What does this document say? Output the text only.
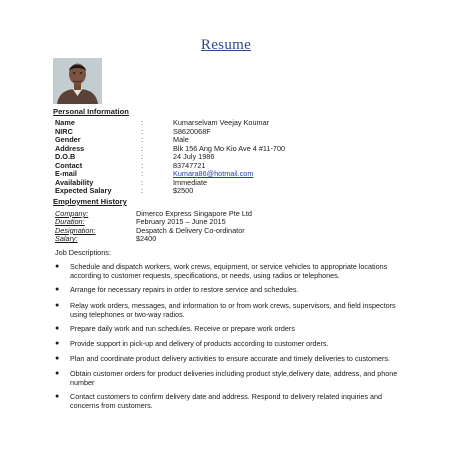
Resume
Personal Information
Name	:	Kumarselvam Veejay Koumar
NIRC	:	S8620068F
Gender	:	Male
Address	:	Blk 156 Ang Mo Kio Ave 4 #11-700
D.O.B	:	24 July 1986
Contact	:	83747721
E-mail	:	Kumara86@hotmail.com
Availability	:	Immediate
Expected Salary	:	$2500
Employment History
Company:	Dimerco Express Singapore Pte Ltd
Duration:	February 2015 – June 2015
Designation:	Despatch & Delivery Co-ordinator
Salary:	$2400
Job Descriptions:
●	Schedule and dispatch workers, work crews, equipment, or service vehicles to appropriate locations according to customer requests, specifications, or needs, using radios or telephones.
●	Arrange for necessary repairs in order to restore service and schedules.
●	Relay work orders, messages, and information to or from work crews, supervisors, and field inspectors using telephones or two-way radios.
●	Prepare daily work and run schedules. Receive or prepare work orders
●	Provide support in pick-up and delivery of products according to customer orders.
●	Plan and coordinate product delivery activities to ensure accurate and timely deliveries to customers.
●	Obtain customer orders for product deliveries including product style,delivery date, address, and phone number
●	Contact customers to confirm delivery date and address. Respond to delivery related inquiries and concerns from customers.
